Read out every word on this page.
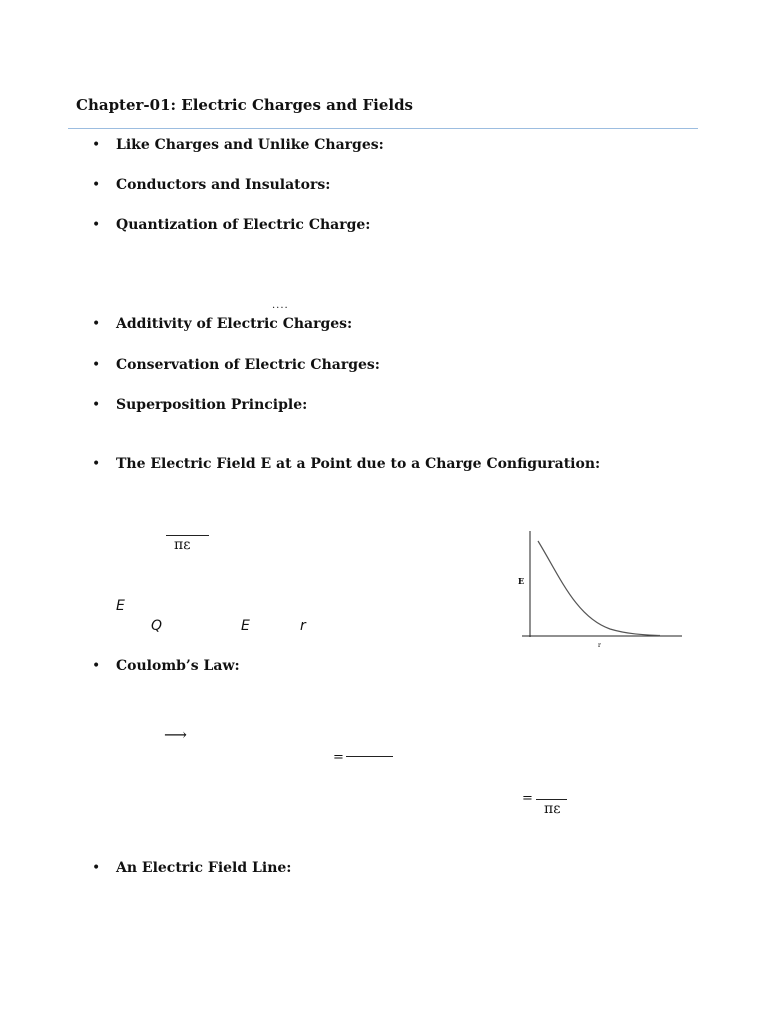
Chapter-01: Electric Charges and Fields
• Like Charges and Unlike Charges:
• Conductors and Insulators:
• Quantization of Electric Charge:
....
• Additivity of Electric Charges:
• Conservation of Electric Charges:
• Superposition Principle:
• The Electric Field E at a Point due to a Charge Configuration:
πε
E
Q	E	r
E
r
• Coulomb’s Law:
⟶
=
=
πε
• An Electric Field Line:
